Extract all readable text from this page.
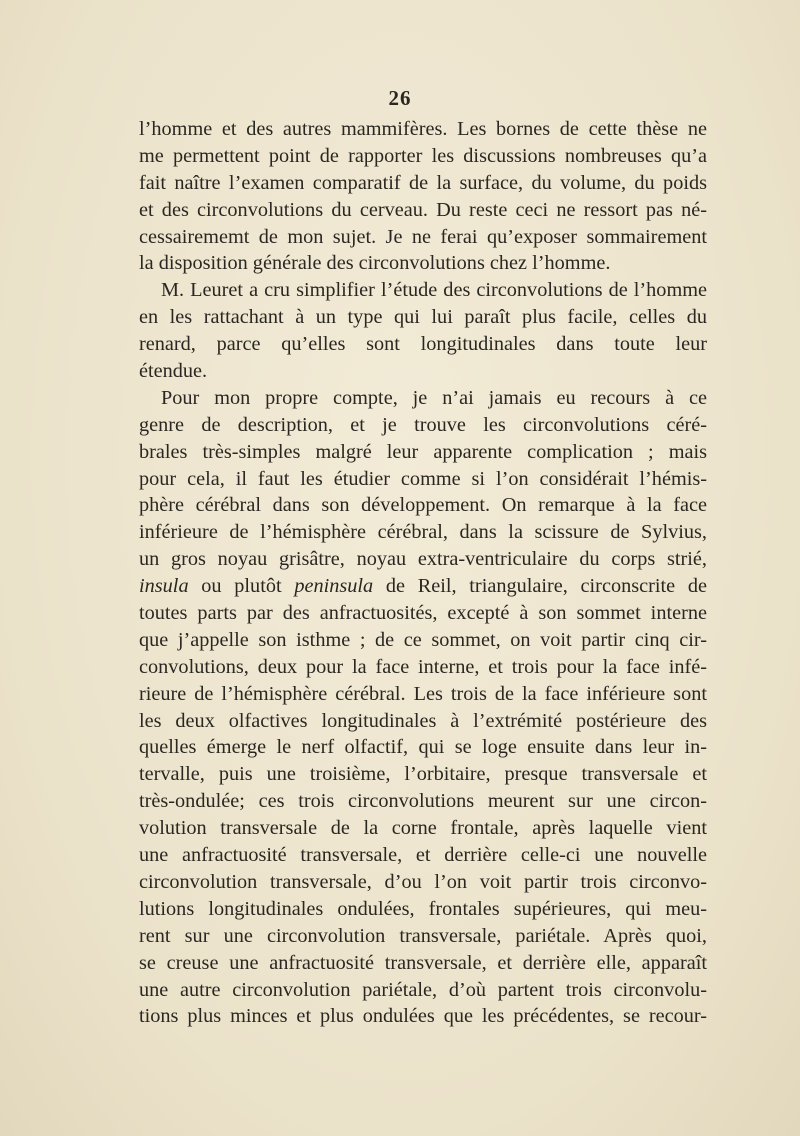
26
l’homme et des autres mammifères. Les bornes de cette thèse ne
me permettent point de rapporter les discussions nombreuses qu’a
fait naître l’examen comparatif de la surface, du volume, du poids
et des circonvolutions du cerveau. Du reste ceci ne ressort pas né-
cessairememt de mon sujet. Je ne ferai qu’exposer sommairement
la disposition générale des circonvolutions chez l’homme.
M. Leuret a cru simplifier l’étude des circonvolutions de l’homme
en les rattachant à un type qui lui paraît plus facile, celles du
renard, parce qu’elles sont longitudinales dans toute leur
étendue.
Pour mon propre compte, je n’ai jamais eu recours à ce
genre de description, et je trouve les circonvolutions céré-
brales très-simples malgré leur apparente complication ; mais
pour cela, il faut les étudier comme si l’on considérait l’hémis-
phère cérébral dans son développement. On remarque à la face
inférieure de l’hémisphère cérébral, dans la scissure de Sylvius,
un gros noyau grisâtre, noyau extra-ventriculaire du corps strié,
insula ou plutôt peninsula de Reil, triangulaire, circonscrite de
toutes parts par des anfractuosités, excepté à son sommet interne
que j’appelle son isthme ; de ce sommet, on voit partir cinq cir-
convolutions, deux pour la face interne, et trois pour la face infé-
rieure de l’hémisphère cérébral. Les trois de la face inférieure sont
les deux olfactives longitudinales à l’extrémité postérieure des
quelles émerge le nerf olfactif, qui se loge ensuite dans leur in-
tervalle, puis une troisième, l’orbitaire, presque transversale et
très-ondulée; ces trois circonvolutions meurent sur une circon-
volution transversale de la corne frontale, après laquelle vient
une anfractuosité transversale, et derrière celle-ci une nouvelle
circonvolution transversale, d’ou l’on voit partir trois circonvo-
lutions longitudinales ondulées, frontales supérieures, qui meu-
rent sur une circonvolution transversale, pariétale. Après quoi,
se creuse une anfractuosité transversale, et derrière elle, apparaît
une autre circonvolution pariétale, d’où partent trois circonvolu-
tions plus minces et plus ondulées que les précédentes, se recour-
